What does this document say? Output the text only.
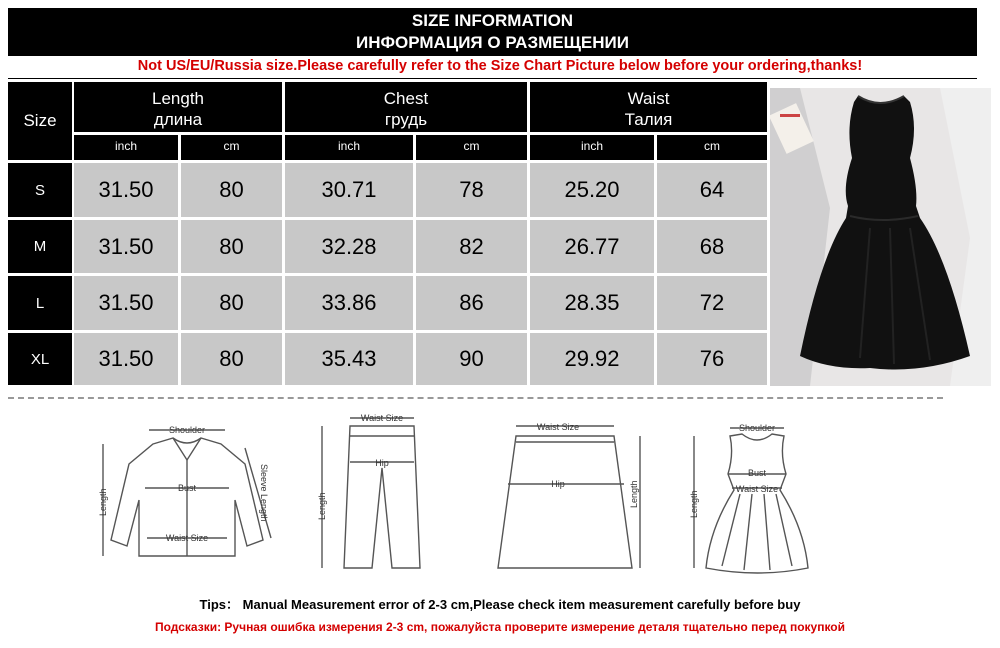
SIZE INFORMATION
ИНФОРМАЦИЯ О РАЗМЕЩЕНИИ
Not US/EU/Russia size.Please carefully refer to the Size Chart Picture below before your ordering,thanks!
Size
Length
длина
Chest
грудь
Waist
Талия
inch	cm	inch	cm	inch	cm
S	31.50	80	30.71	78	25.20	64
M	31.50	80	32.28	82	26.77	68
L	31.50	80	33.86	86	28.35	72
XL	31.50	80	35.43	90	29.92	76
Shoulder
Bust
Waist Size
Length	Sleeve Length
Waist Size
Hip
Length
Waist Size
Hip	Length
Shoulder
Bust
Waist Size
Length
Tips： Manual Measurement error of 2-3 cm,Please check item measurement carefully before buy
Подсказки: Ручная ошибка измерения 2-3 cm, пожалуйста проверите измерение деталя тщательно перед покупкой
